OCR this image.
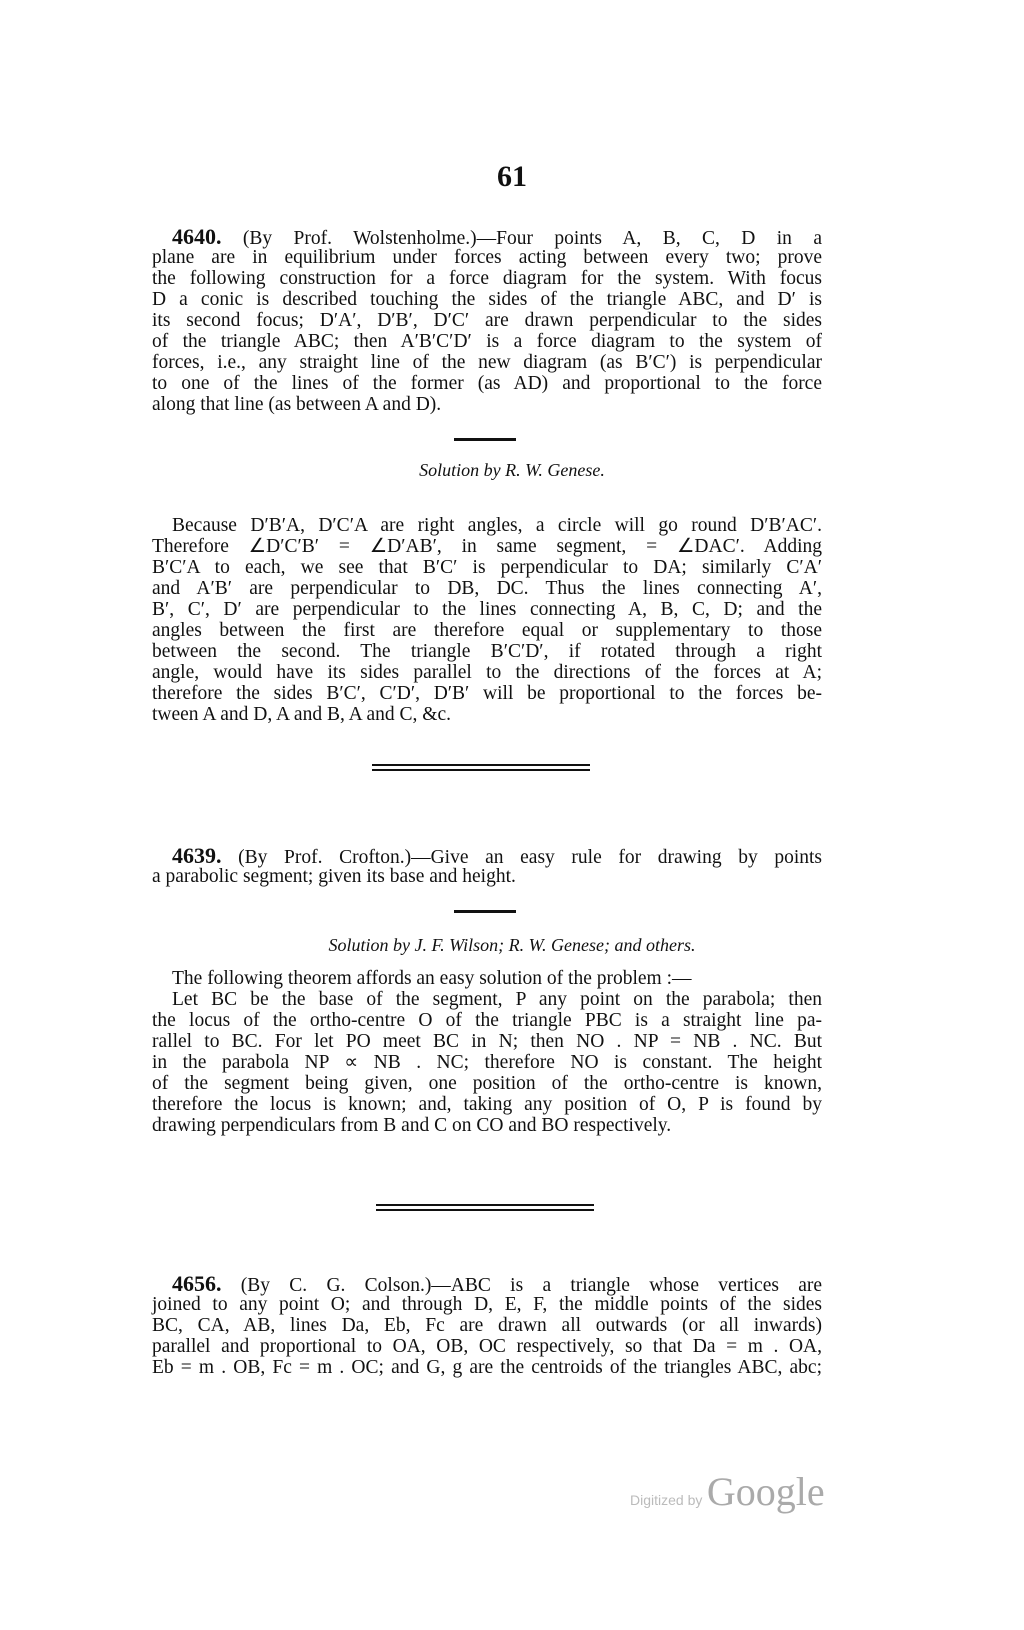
61
4640. (By Prof. Wolstenholme.)—Four points A, B, C, D in a
plane are in equilibrium under forces acting between every two; prove
the following construction for a force diagram for the system. With focus
D a conic is described touching the sides of the triangle ABC, and D′ is
its second focus; D′A′, D′B′, D′C′ are drawn perpendicular to the sides
of the triangle ABC; then A′B′C′D′ is a force diagram to the system of
forces, i.e., any straight line of the new diagram (as B′C′) is perpendicular
to one of the lines of the former (as AD) and proportional to the force
along that line (as between A and D).
Solution by R. W. Genese.
Because D′B′A, D′C′A are right angles, a circle will go round D′B′AC′.
Therefore ∠D′C′B′ = ∠D′AB′, in same segment, = ∠DAC′. Adding
B′C′A to each, we see that B′C′ is perpendicular to DA; similarly C′A′
and A′B′ are perpendicular to DB, DC. Thus the lines connecting A′,
B′, C′, D′ are perpendicular to the lines connecting A, B, C, D; and the
angles between the first are therefore equal or supplementary to those
between the second. The triangle B′C′D′, if rotated through a right
angle, would have its sides parallel to the directions of the forces at A;
therefore the sides B′C′, C′D′, D′B′ will be proportional to the forces be-
tween A and D, A and B, A and C, &c.
4639. (By Prof. Crofton.)—Give an easy rule for drawing by points
a parabolic segment; given its base and height.
Solution by J. F. Wilson; R. W. Genese; and others.
The following theorem affords an easy solution of the problem :—
Let BC be the base of the segment, P any point on the parabola; then
the locus of the ortho-centre O of the triangle PBC is a straight line pa-
rallel to BC. For let PO meet BC in N; then NO . NP = NB . NC. But
in the parabola NP ∝ NB . NC; therefore NO is constant. The height
of the segment being given, one position of the ortho-centre is known,
therefore the locus is known; and, taking any position of O, P is found by
drawing perpendiculars from B and C on CO and BO respectively.
4656. (By C. G. Colson.)—ABC is a triangle whose vertices are
joined to any point O; and through D, E, F, the middle points of the sides
BC, CA, AB, lines Da, Eb, Fc are drawn all outwards (or all inwards)
parallel and proportional to OA, OB, OC respectively, so that Da = m . OA,
Eb = m . OB, Fc = m . OC; and G, g are the centroids of the triangles ABC, abc;
Digitized by Google
